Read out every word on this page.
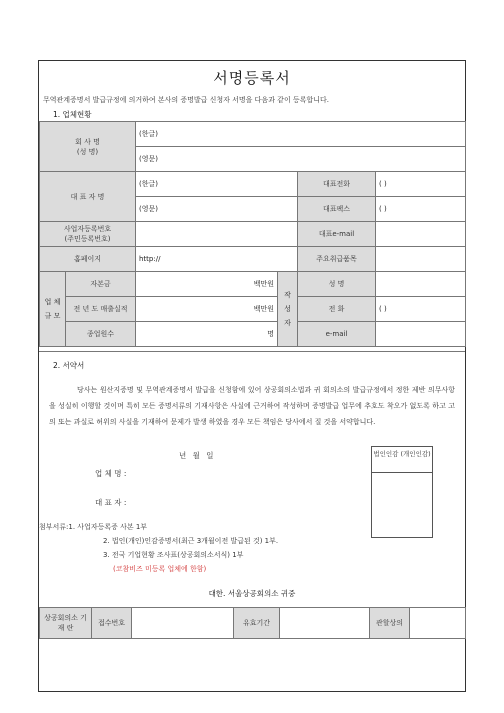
서명등록서
무역관계증명서 발급규정에 의거하여 본사의 증명발급 신청자 서명을 다음과 같이 등록합니다.
1. 업체현황
회 사 명
(성 명)		(한글)			
		(영문)			
대 표 자 명		(한글)		대표전화	( )
		(영문)		대표팩스	( )

사업자등록번호
(주민등록번호)				대표e-mail	
홈페이지		http://		주요취급품목	
업 체 규 모	자본금	백만원	작 성 자	성 명	
	전 년 도 매출실적	백만원		전 화	( )
	종업원수	명		e-mail	
2. 서약서
당사는 원산지증명 및 무역관계증명서 발급을 신청함에 있어 상공회의소법과 귀 회의소의 발급규정에서 정한 제반 의무사항을 성실히 이행할 것이며 특히 모든 증명서류의 기재사항은 사실에 근거하여 작성하며 증명발급 업무에 추호도 착오가 없도록 하고 고의 또는 과실로 허위의 사실을 기재하여 문제가 발생 하였을 경우 모든 책임은 당사에서 질 것을 서약합니다.
년 월 일
업 체 명 :
대 표 자 :
법인인감 (개인인감)
첨부서류:1. 사업자등록증 사본 1부
2. 법인(개인)인감증명서(최근 3개월이전 발급된 것) 1부.
3. 전국 기업현황 조사표(상공회의소서식) 1부
(코참비즈 미등록 업체에 한함)
대한. 서울상공회의소 귀중
상공회의소 기 재 란	접수번호		유효기간		관할상의	
